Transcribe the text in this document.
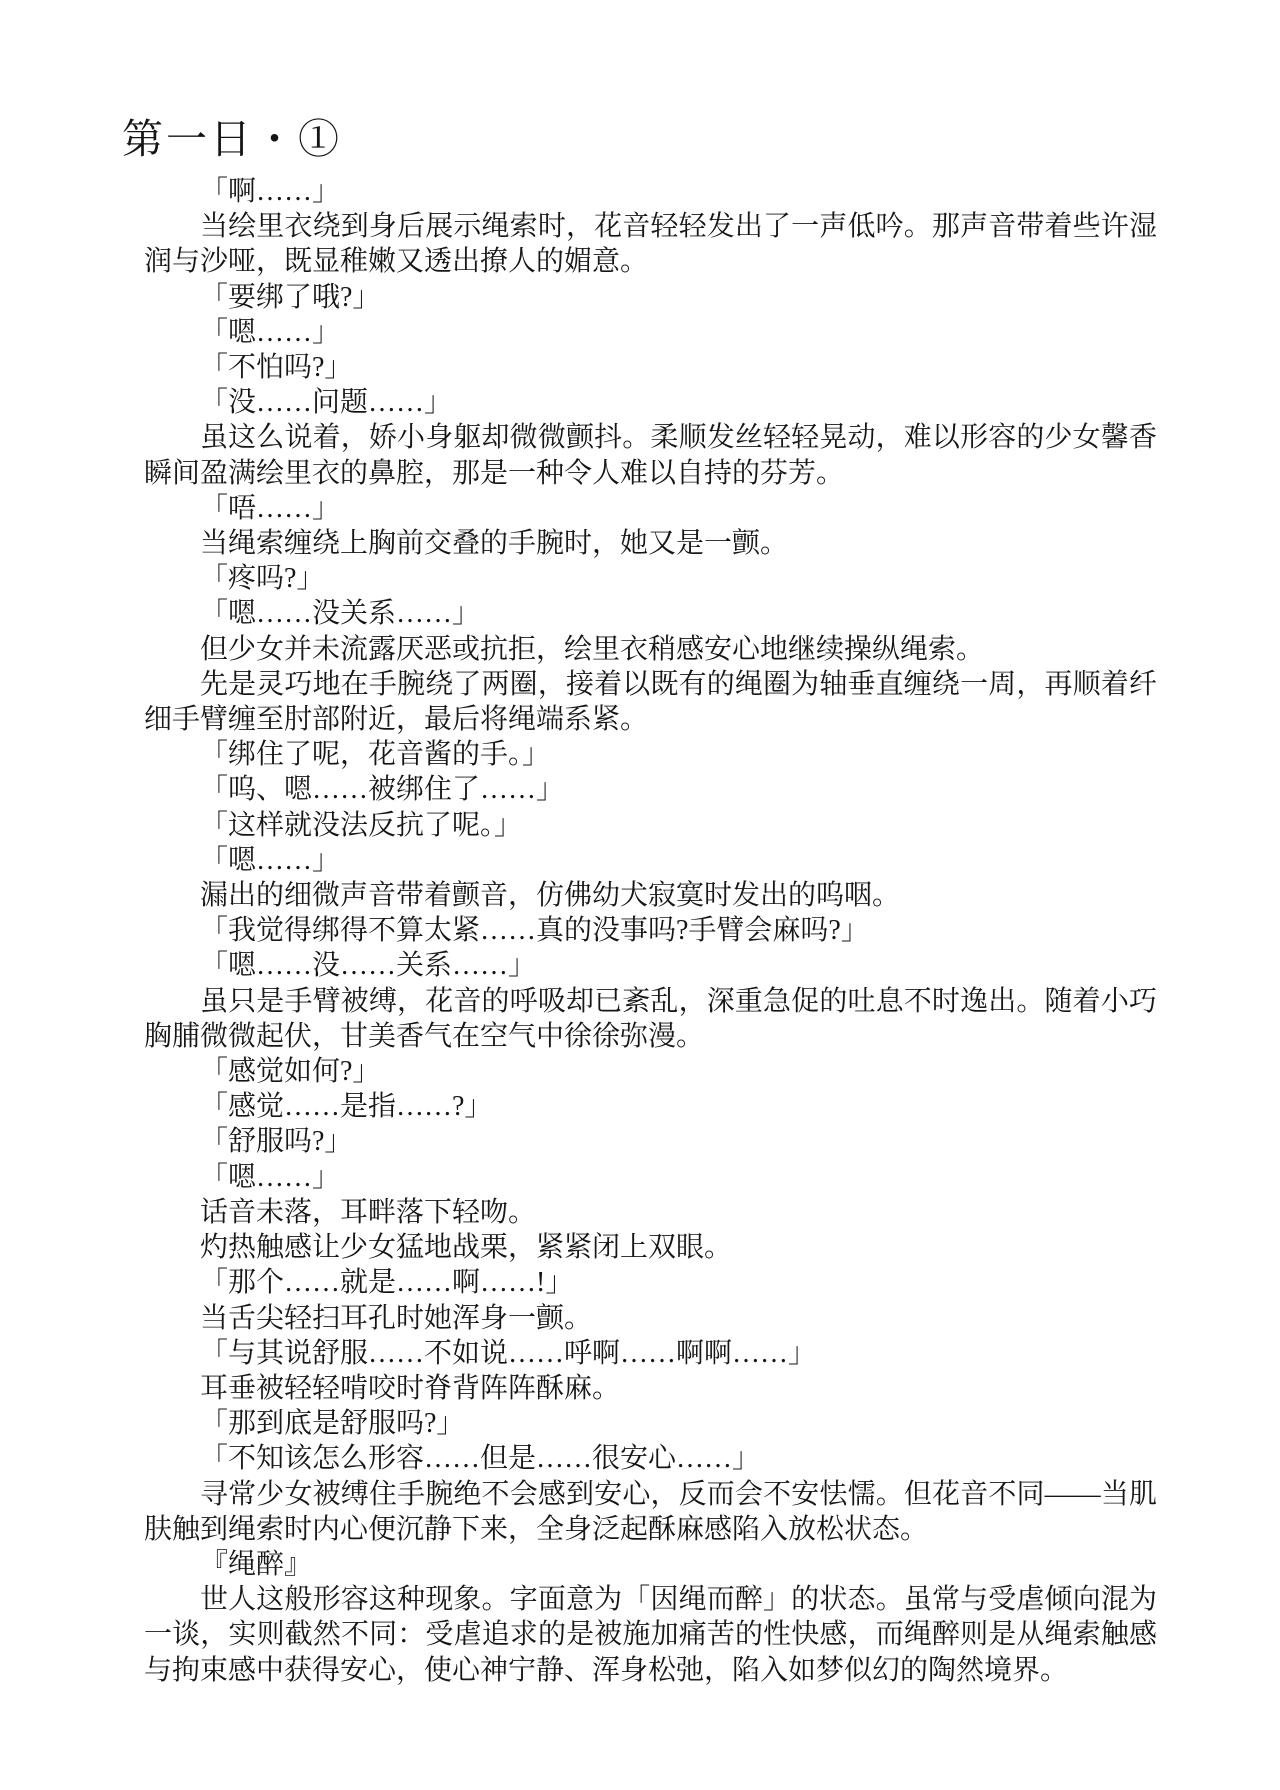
第一日・①

「啊……」

当绘里衣绕到身后展示绳索时，花音轻轻发出了一声低吟。那声音带着些许湿润与沙哑，既显稚嫩又透出撩人的媚意。

「要绑了哦?」

「嗯……」

「不怕吗?」

「没……问题……」

虽这么说着，娇小身躯却微微颤抖。柔顺发丝轻轻晃动，难以形容的少女馨香瞬间盈满绘里衣的鼻腔，那是一种令人难以自持的芬芳。

「唔……」

当绳索缠绕上胸前交叠的手腕时，她又是一颤。

「疼吗?」

「嗯……没关系……」

但少女并未流露厌恶或抗拒，绘里衣稍感安心地继续操纵绳索。

先是灵巧地在手腕绕了两圈，接着以既有的绳圈为轴垂直缠绕一周，再顺着纤细手臂缠至肘部附近，最后将绳端系紧。

「绑住了呢，花音酱的手。」

「呜、嗯……被绑住了……」

「这样就没法反抗了呢。」

「嗯……」

漏出的细微声音带着颤音，仿佛幼犬寂寞时发出的呜咽。

「我觉得绑得不算太紧……真的没事吗?手臂会麻吗?」

「嗯……没……关系……」

虽只是手臂被缚，花音的呼吸却已紊乱，深重急促的吐息不时逸出。随着小巧胸脯微微起伏，甘美香气在空气中徐徐弥漫。

「感觉如何?」

「感觉……是指……?」

「舒服吗?」

「嗯……」

话音未落，耳畔落下轻吻。

灼热触感让少女猛地战栗，紧紧闭上双眼。

「那个……就是……啊……!」

当舌尖轻扫耳孔时她浑身一颤。

「与其说舒服……不如说……呼啊……啊啊……」

耳垂被轻轻啃咬时脊背阵阵酥麻。

「那到底是舒服吗?」

「不知该怎么形容……但是……很安心……」

寻常少女被缚住手腕绝不会感到安心，反而会不安怯懦。但花音不同——当肌肤触到绳索时内心便沉静下来，全身泛起酥麻感陷入放松状态。

『绳醉』

世人这般形容这种现象。字面意为「因绳而醉」的状态。虽常与受虐倾向混为一谈，实则截然不同：受虐追求的是被施加痛苦的性快感，而绳醉则是从绳索触感与拘束感中获得安心，使心神宁静、浑身松弛，陷入如梦似幻的陶然境界。
